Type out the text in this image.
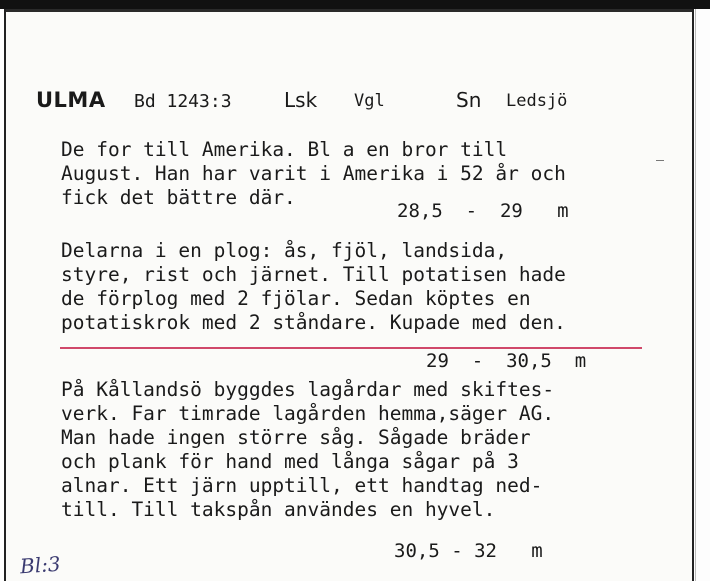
ULMA Bd 1243:3	Lsk Vgl	Sn Ledsjö
De for till Amerika. Bl a en bror till
August. Han har varit i Amerika i 52 år och
fick det bättre där.
28,5  -  29   m
Delarna i en plog: ås, fjöl, landsida,
styre, rist och järnet. Till potatisen hade
de förplog med 2 fjölar. Sedan köptes en
potatiskrok med 2 ståndare. Kupade med den.
29  -  30,5  m
På Kållandsö byggdes lagårdar med skiftes-
verk. Far timrade lagården hemma,säger AG.
Man hade ingen större såg. Sågade bräder
och plank för hand med långa sågar på 3
alnar. Ett järn upptill, ett handtag ned-
till. Till takspån användes en hyvel.
30,5 - 32   m
Bl:3
